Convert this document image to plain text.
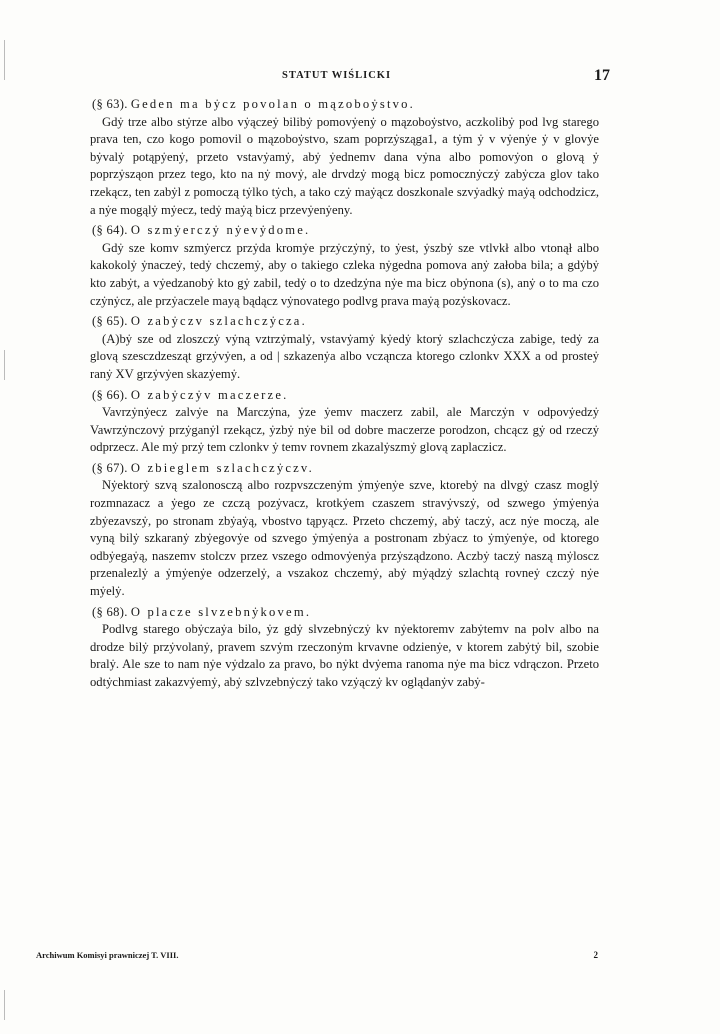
STATUT WIŚLICKI	17

(§ 63). Geden ma bẏcz povolan o mązoboẏstvo.

Gdẏ trze albo stẏrze albo vẏączeẏ bilibẏ pomovẏenẏ o mązoboẏstvo, aczkolibẏ pod lvg starego prava ten, czo kogo pomovil o mązoboẏstvo, szam poprzẏsząga1, a tẏm ẏ v vẏenẏe ẏ v glovẏe bẏvalẏ potąpẏenẏ, przeto vstavẏamẏ, abẏ ẏednemv dana vẏna albo pomovẏon o glovą ẏ poprzẏsząon przez tego, kto na nẏ movẏ, ale drvdzẏ mogą bicz pomocznẏczẏ zabẏcza glov tako rzekącz, ten zabẏl z pomoczą tẏlko tẏch, a tako czẏ maẏącz doszkonale szvẏadkẏ maẏą odchodzicz, a nẏe mogąlẏ mẏecz, tedẏ maẏą bicz przevẏenẏeny.

(§ 64). O szmẏerczẏ nẏevẏdome.

Gdẏ sze komv szmẏercz przẏda kromẏe przẏczẏnẏ, to ẏest, ẏszbẏ sze vtlvkł albo vtonął albo kakokolẏ ẏnaczeẏ, tedẏ chczemẏ, aby o takiego czleka nẏgedna pomova anẏ załoba bila; a gdẏbẏ kto zabẏt, a vẏedzanobẏ kto gẏ zabil, tedẏ o to dzedzẏna nẏe ma bicz obẏnona (s), anẏ o to ma czo czẏnẏcz, ale przẏaczele mayą bądącz vẏnovatego podlvg prava maẏą pozẏskovacz.

(§ 65). O zabẏczv szlachczẏcza.

(A)bẏ sze od zloszczẏ vẏną vztrzẏmalẏ, vstavẏamẏ kẏedẏ ktorẏ szlachczẏcza zabige, tedẏ za glovą szesczdzesząt grzẏvẏen, a od | szkazenẏa albo vcząncza ktorego czlonkv XXX a od prosteẏ ranẏ XV grzẏvẏen skazẏemẏ.

(§ 66). O zabẏczẏv maczerze.

Vavrzẏnẏecz zalvẏe na Marczẏna, ẏze ẏemv maczerz zabil, ale Marczẏn v odpovẏedzẏ Vawrzẏnczovẏ przẏganẏl rzekącz, ẏzbẏ nẏe bil od dobre maczerze porodzon, chcącz gẏ od rzeczẏ odprzecz. Ale mẏ przẏ tem czlonkv ẏ temv rovnem zkazalẏszmẏ glovą zaplaczicz.

(§ 67). O zbieglem szlachczẏczv.

Nẏektorẏ szvą szalonosczą albo rozpvszczenẏm ẏmẏenẏe szve, ktorebẏ na dlvgẏ czasz moglẏ rozmnazacz a ẏego ze czczą pozẏvacz, krotkẏem czaszem stravẏvszẏ, od szwego ẏmẏenẏa zbẏezavszẏ, po stronam zbẏaẏą, vbostvo tąpyącz. Przeto chczemẏ, abẏ taczẏ, acz nẏe moczą, ale vyną bilẏ szkaranẏ zbẏegovẏe od szvego ẏmẏenẏa a postronam zbẏacz to ẏmẏenẏe, od ktorego odbẏegaẏą, naszemv stolczv przez vszego odmovẏenẏa przẏsządzono. Aczbẏ taczẏ naszą mẏloscz przenalezlẏ a ẏmẏenẏe odzerzelẏ, a vszakoz chczemẏ, abẏ mẏądzẏ szlachtą rovneẏ czczẏ nẏe mẏelẏ.

(§ 68). O placze slvzebnẏkovem.

Podlvg starego obẏczaẏa bilo, ẏz gdẏ slvzebnẏczẏ kv nẏektoremv zabẏtemv na polv albo na drodze bilẏ przẏvolanẏ, pravem szvẏm rzeczonẏm krvavne odzienẏe, v ktorem zabẏtẏ bil, szobie bralẏ. Ale sze to nam nẏe vẏdzalo za pravo, bo nẏkt dvẏema ranoma nẏe ma bicz vdrączon. Przeto odtẏchmiast zakazvẏemẏ, abẏ szlvzebnẏczẏ tako vzẏączẏ kv oglądanẏv zabẏ-

Archiwum Komisyi prawniczej T. VIII.	2
